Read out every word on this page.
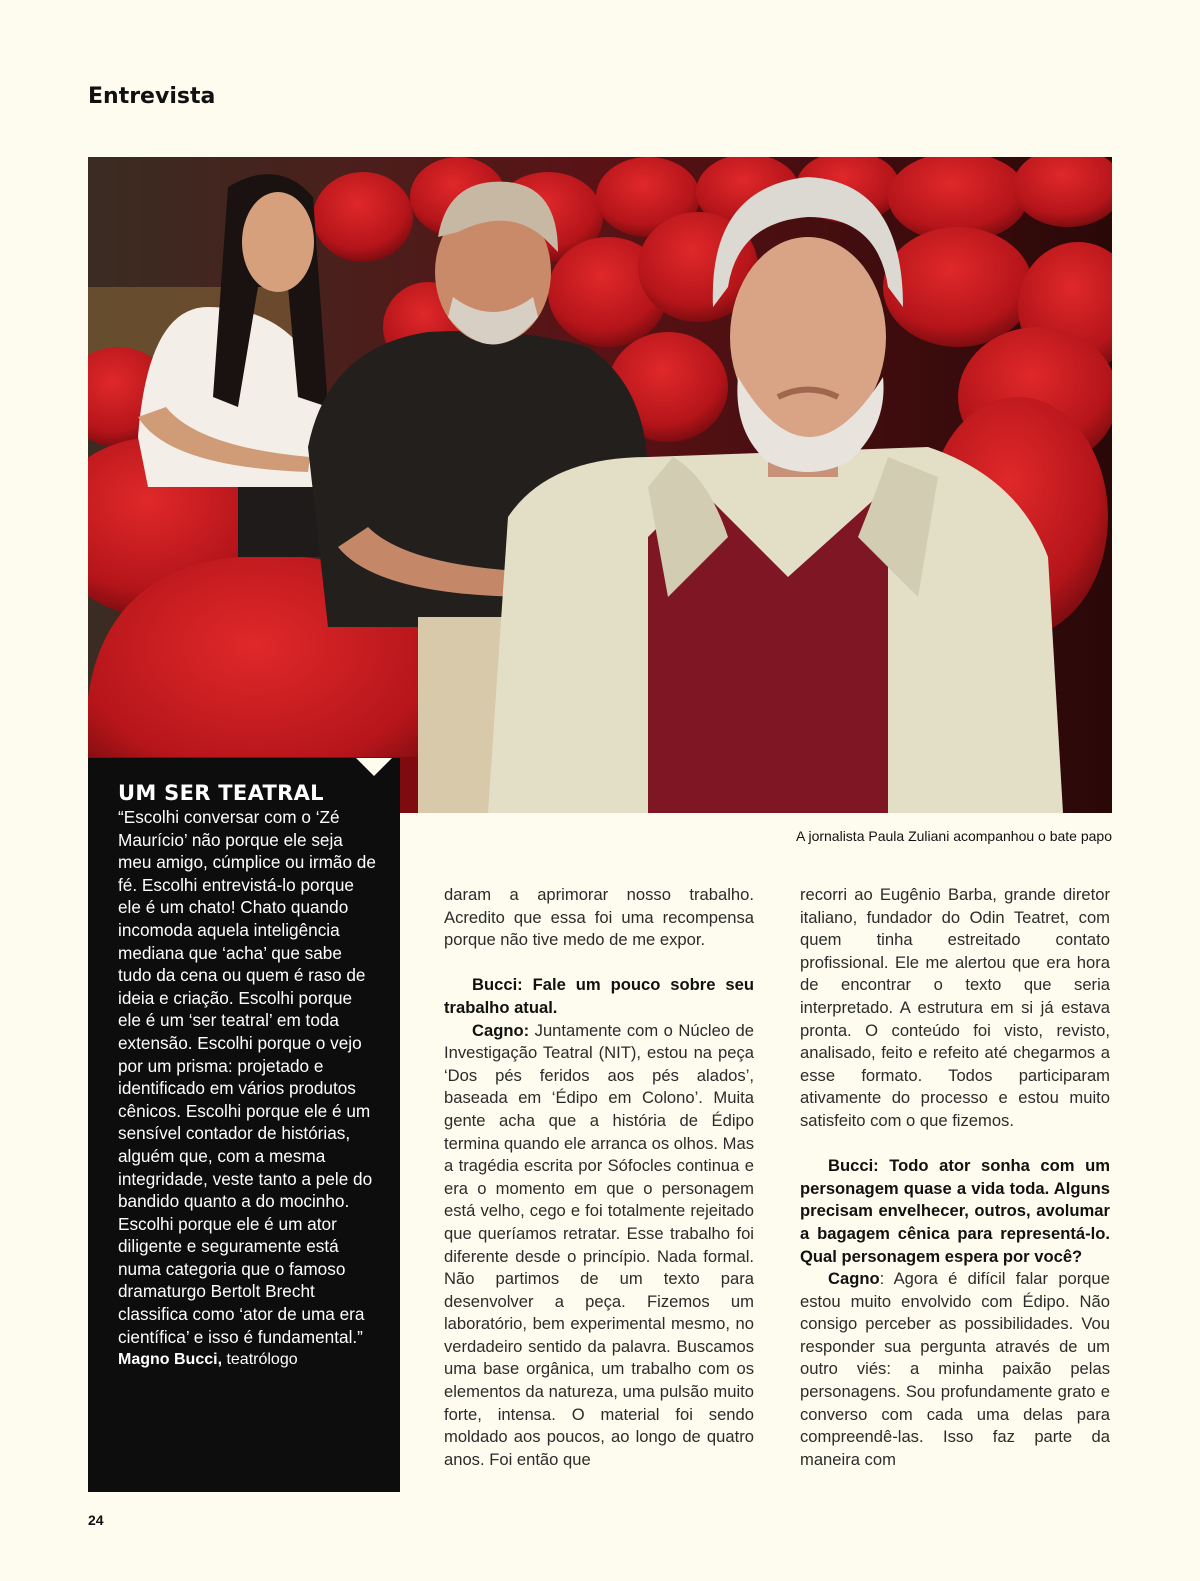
Entrevista

A jornalista Paula Zuliani acompanhou o bate papo

UM SER TEATRAL

“Escolhi conversar com o ‘Zé Maurício’ não porque ele seja meu amigo, cúmplice ou irmão de fé. Escolhi entrevistá-lo porque ele é um chato! Chato quando incomoda aquela inteligência mediana que ‘acha’ que sabe tudo da cena ou quem é raso de ideia e criação. Escolhi porque ele é um ‘ser teatral’ em toda extensão. Escolhi porque o vejo por um prisma: projetado e identificado em vários produtos cênicos. Escolhi porque ele é um sensível contador de histórias, alguém que, com a mesma integridade, veste tanto a pele do bandido quanto a do mocinho. Escolhi porque ele é um ator diligente e seguramente está numa categoria que o famoso dramaturgo Bertolt Brecht classifica como ‘ator de uma era científica’ e isso é fundamental.”

Magno Bucci, teatrólogo

daram a aprimorar nosso trabalho. Acredito que essa foi uma recompensa porque não tive medo de me expor.

Bucci: Fale um pouco sobre seu trabalho atual.

Cagno: Juntamente com o Núcleo de Investigação Teatral (NIT), estou na peça ‘Dos pés feridos aos pés alados’, baseada em ‘Édipo em Colono’. Muita gente acha que a história de Édipo termina quando ele arranca os olhos. Mas a tragédia escrita por Sófocles continua e era o momento em que o personagem está velho, cego e foi totalmente rejeitado que queríamos retratar. Esse trabalho foi diferente desde o princípio. Nada formal. Não partimos de um texto para desenvolver a peça. Fizemos um laboratório, bem experimental mesmo, no verdadeiro sentido da palavra. Buscamos uma base orgânica, um trabalho com os elementos da natureza, uma pulsão muito forte, intensa. O material foi sendo moldado aos poucos, ao longo de quatro anos. Foi então que

recorri ao Eugênio Barba, grande diretor italiano, fundador do Odin Teatret, com quem tinha estreitado contato profissional. Ele me alertou que era hora de encontrar o texto que seria interpretado. A estrutura em si já estava pronta. O conteúdo foi visto, revisto, analisado, feito e refeito até chegarmos a esse formato. Todos participaram ativamente do processo e estou muito satisfeito com o que fizemos.

Bucci: Todo ator sonha com um personagem quase a vida toda. Alguns precisam envelhecer, outros, avolumar a bagagem cênica para representá-lo. Qual personagem espera por você?

Cagno: Agora é difícil falar porque estou muito envolvido com Édipo. Não consigo perceber as possibilidades. Vou responder sua pergunta através de um outro viés: a minha paixão pelas personagens. Sou profundamente grato e converso com cada uma delas para compreendê-las. Isso faz parte da maneira com

24
